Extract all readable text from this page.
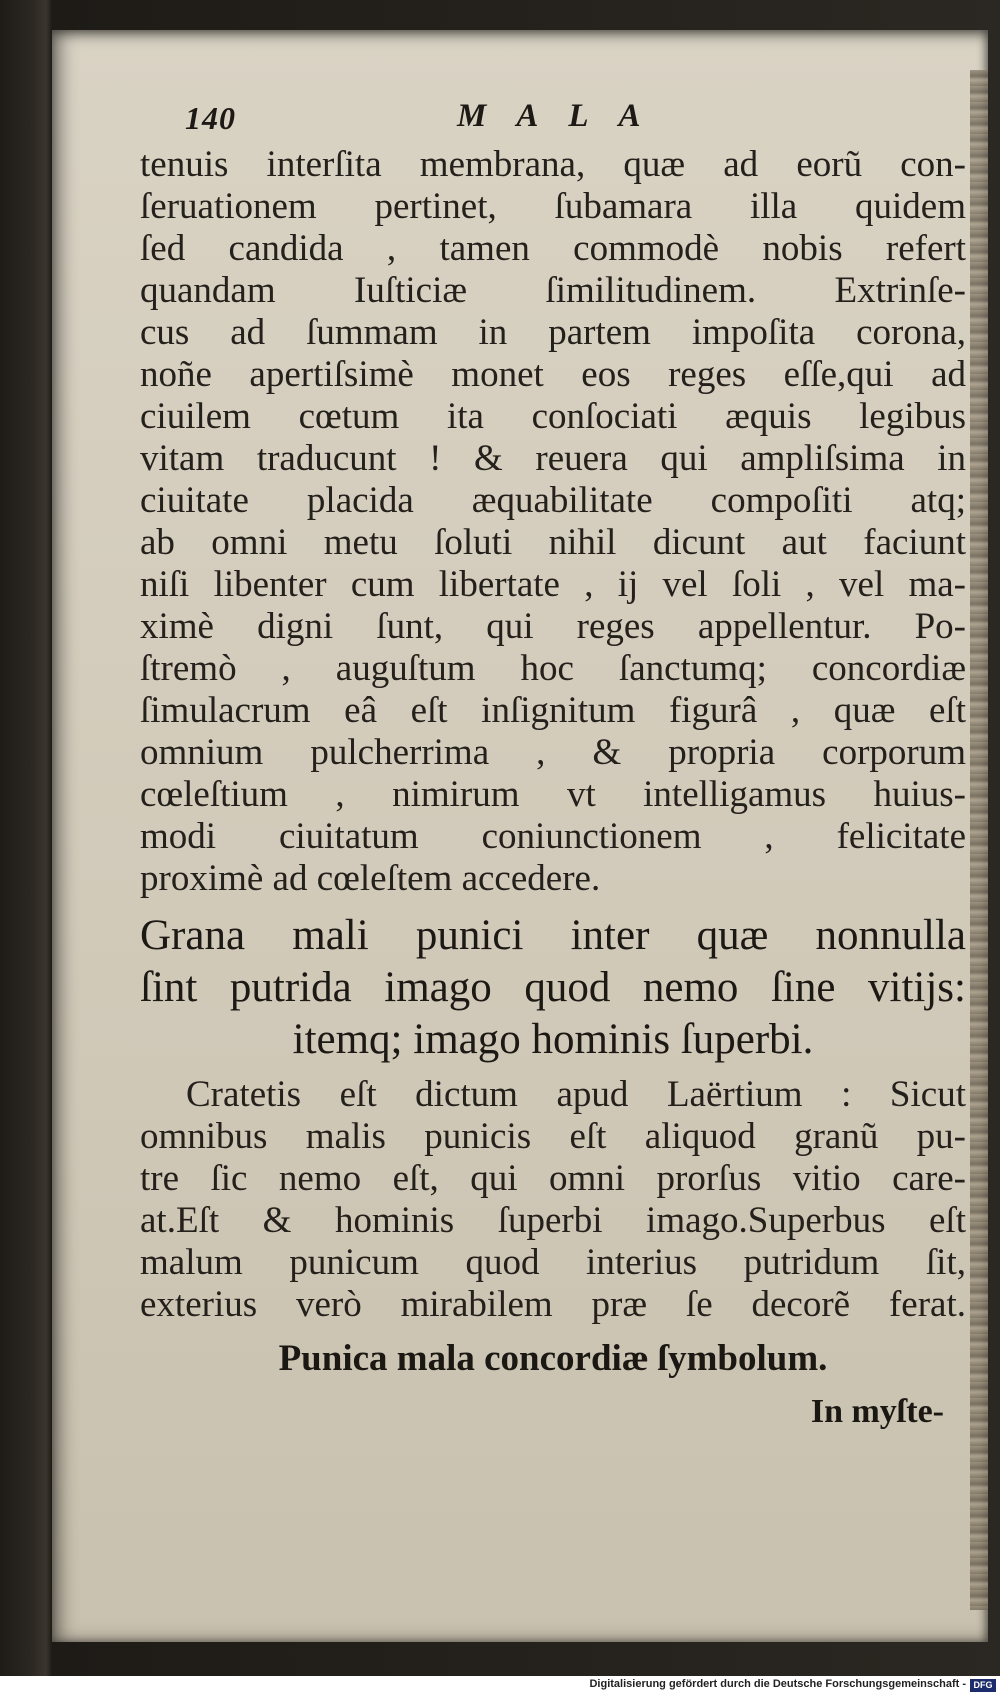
140	MALA
tenuis interſita membrana, quæ ad eorũ con-
ſeruationem pertinet, ſubamara illa quidem
ſed candida , tamen commodè nobis refert
quandam Iuſticiæ ſimilitudinem. Extrinſe-
cus ad ſummam in partem impoſita corona,
noñe apertiſsimè monet eos reges eſſe,qui ad
ciuilem cœtum ita conſociati æquis legibus
vitam traducunt ! & reuera qui ampliſsima in
ciuitate placida æquabilitate compoſiti atq;
ab omni metu ſoluti nihil dicunt aut faciunt
niſi libenter cum libertate , ij vel ſoli , vel ma-
ximè digni ſunt, qui reges appellentur. Po-
ſtremò , auguſtum hoc ſanctumq; concordiæ
ſimulacrum eâ eſt inſignitum figurâ , quæ eſt
omnium pulcherrima , & propria corporum
cœleſtium , nimirum vt intelligamus huius-
modi ciuitatum coniunctionem , felicitate
proximè ad cœleſtem accedere.
Grana mali punici inter quæ nonnulla
ſint putrida imago quod nemo ſine vitijs:
itemq; imago hominis ſuperbi.
Cratetis eſt dictum apud Laërtium : Sicut
omnibus malis punicis eſt aliquod granũ pu-
tre ſic nemo eſt, qui omni prorſus vitio care-
at.Eſt & hominis ſuperbi imago.Superbus eſt
malum punicum quod interius putridum ſit,
exterius verò mirabilem præ ſe decorẽ ferat.
Punica mala concordiæ ſymbolum.
In myſte-
Digitalisierung gefördert durch die Deutsche Forschungsgemeinschaft - DFG
